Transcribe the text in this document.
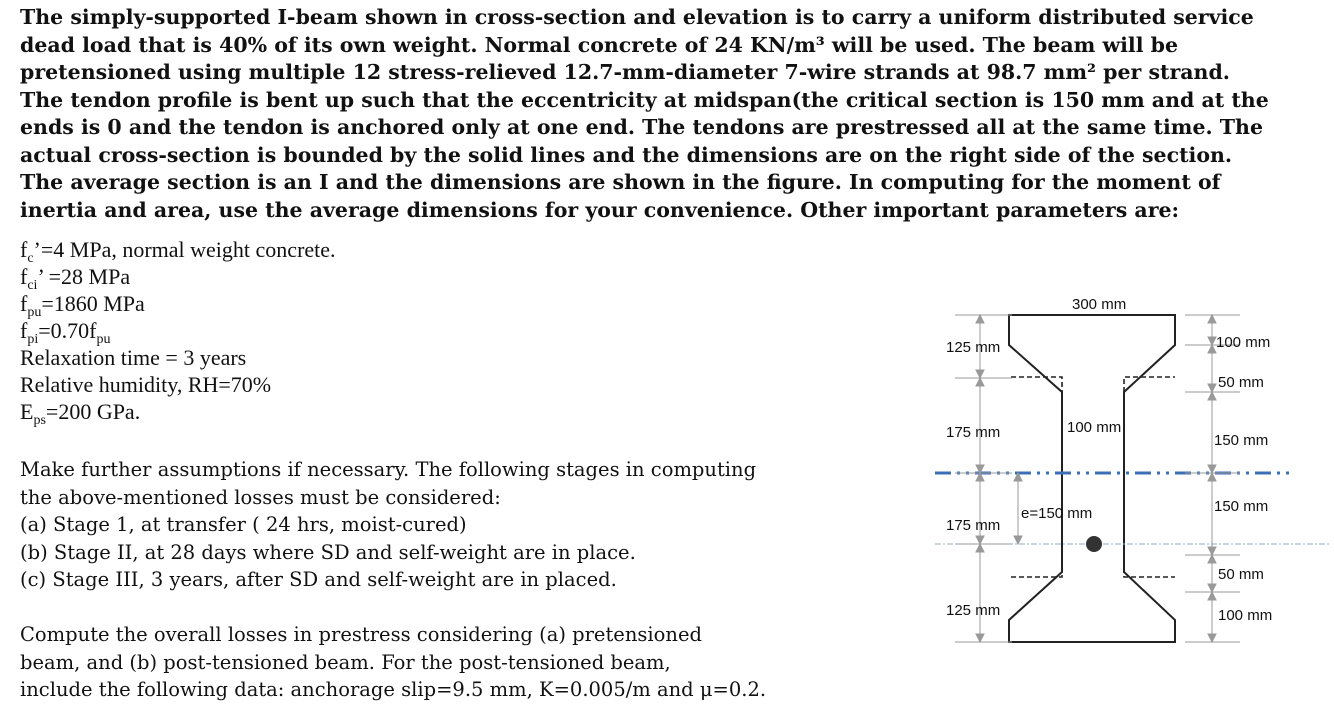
The simply-supported I-beam shown in cross-section and elevation is to carry a uniform distributed service
dead load that is 40% of its own weight. Normal concrete of 24 KN/m³ will be used. The beam will be
pretensioned using multiple 12 stress-relieved 12.7-mm-diameter 7-wire strands at 98.7 mm² per strand.
The tendon profile is bent up such that the eccentricity at midspan(the critical section is 150 mm and at the
ends is 0 and the tendon is anchored only at one end. The tendons are prestressed all at the same time. The
actual cross-section is bounded by the solid lines and the dimensions are on the right side of the section.
The average section is an I and the dimensions are shown in the figure. In computing for the moment of
inertia and area, use the average dimensions for your convenience. Other important parameters are:
$f_c’=4$ MPa, normal weight concrete.
$f_{ci}$’ =28 MPa
$f_{pu}=1860$ MPa
$f_{pi}=0.70f_{pu}$
Relaxation time = 3 years
Relative humidity, RH=70%
$E_{ps}=200$ GPa.
Make further assumptions if necessary. The following stages in computing
the above-mentioned losses must be considered:
(a) Stage 1, at transfer ( 24 hrs, moist-cured)
(b) Stage II, at 28 days where SD and self-weight are in place.
(c) Stage III, 3 years, after SD and self-weight are in placed.
Compute the overall losses in prestress considering (a) pretensioned
beam, and (b) post-tensioned beam. For the post-tensioned beam,
include the following data: anchorage slip=9.5 mm, K=0.005/m and μ=0.2.
300 mm
100 mm
e=150 mm
125 mm
175 mm
175 mm
125 mm
100 mm
50 mm
150 mm
150 mm
50 mm
100 mm
